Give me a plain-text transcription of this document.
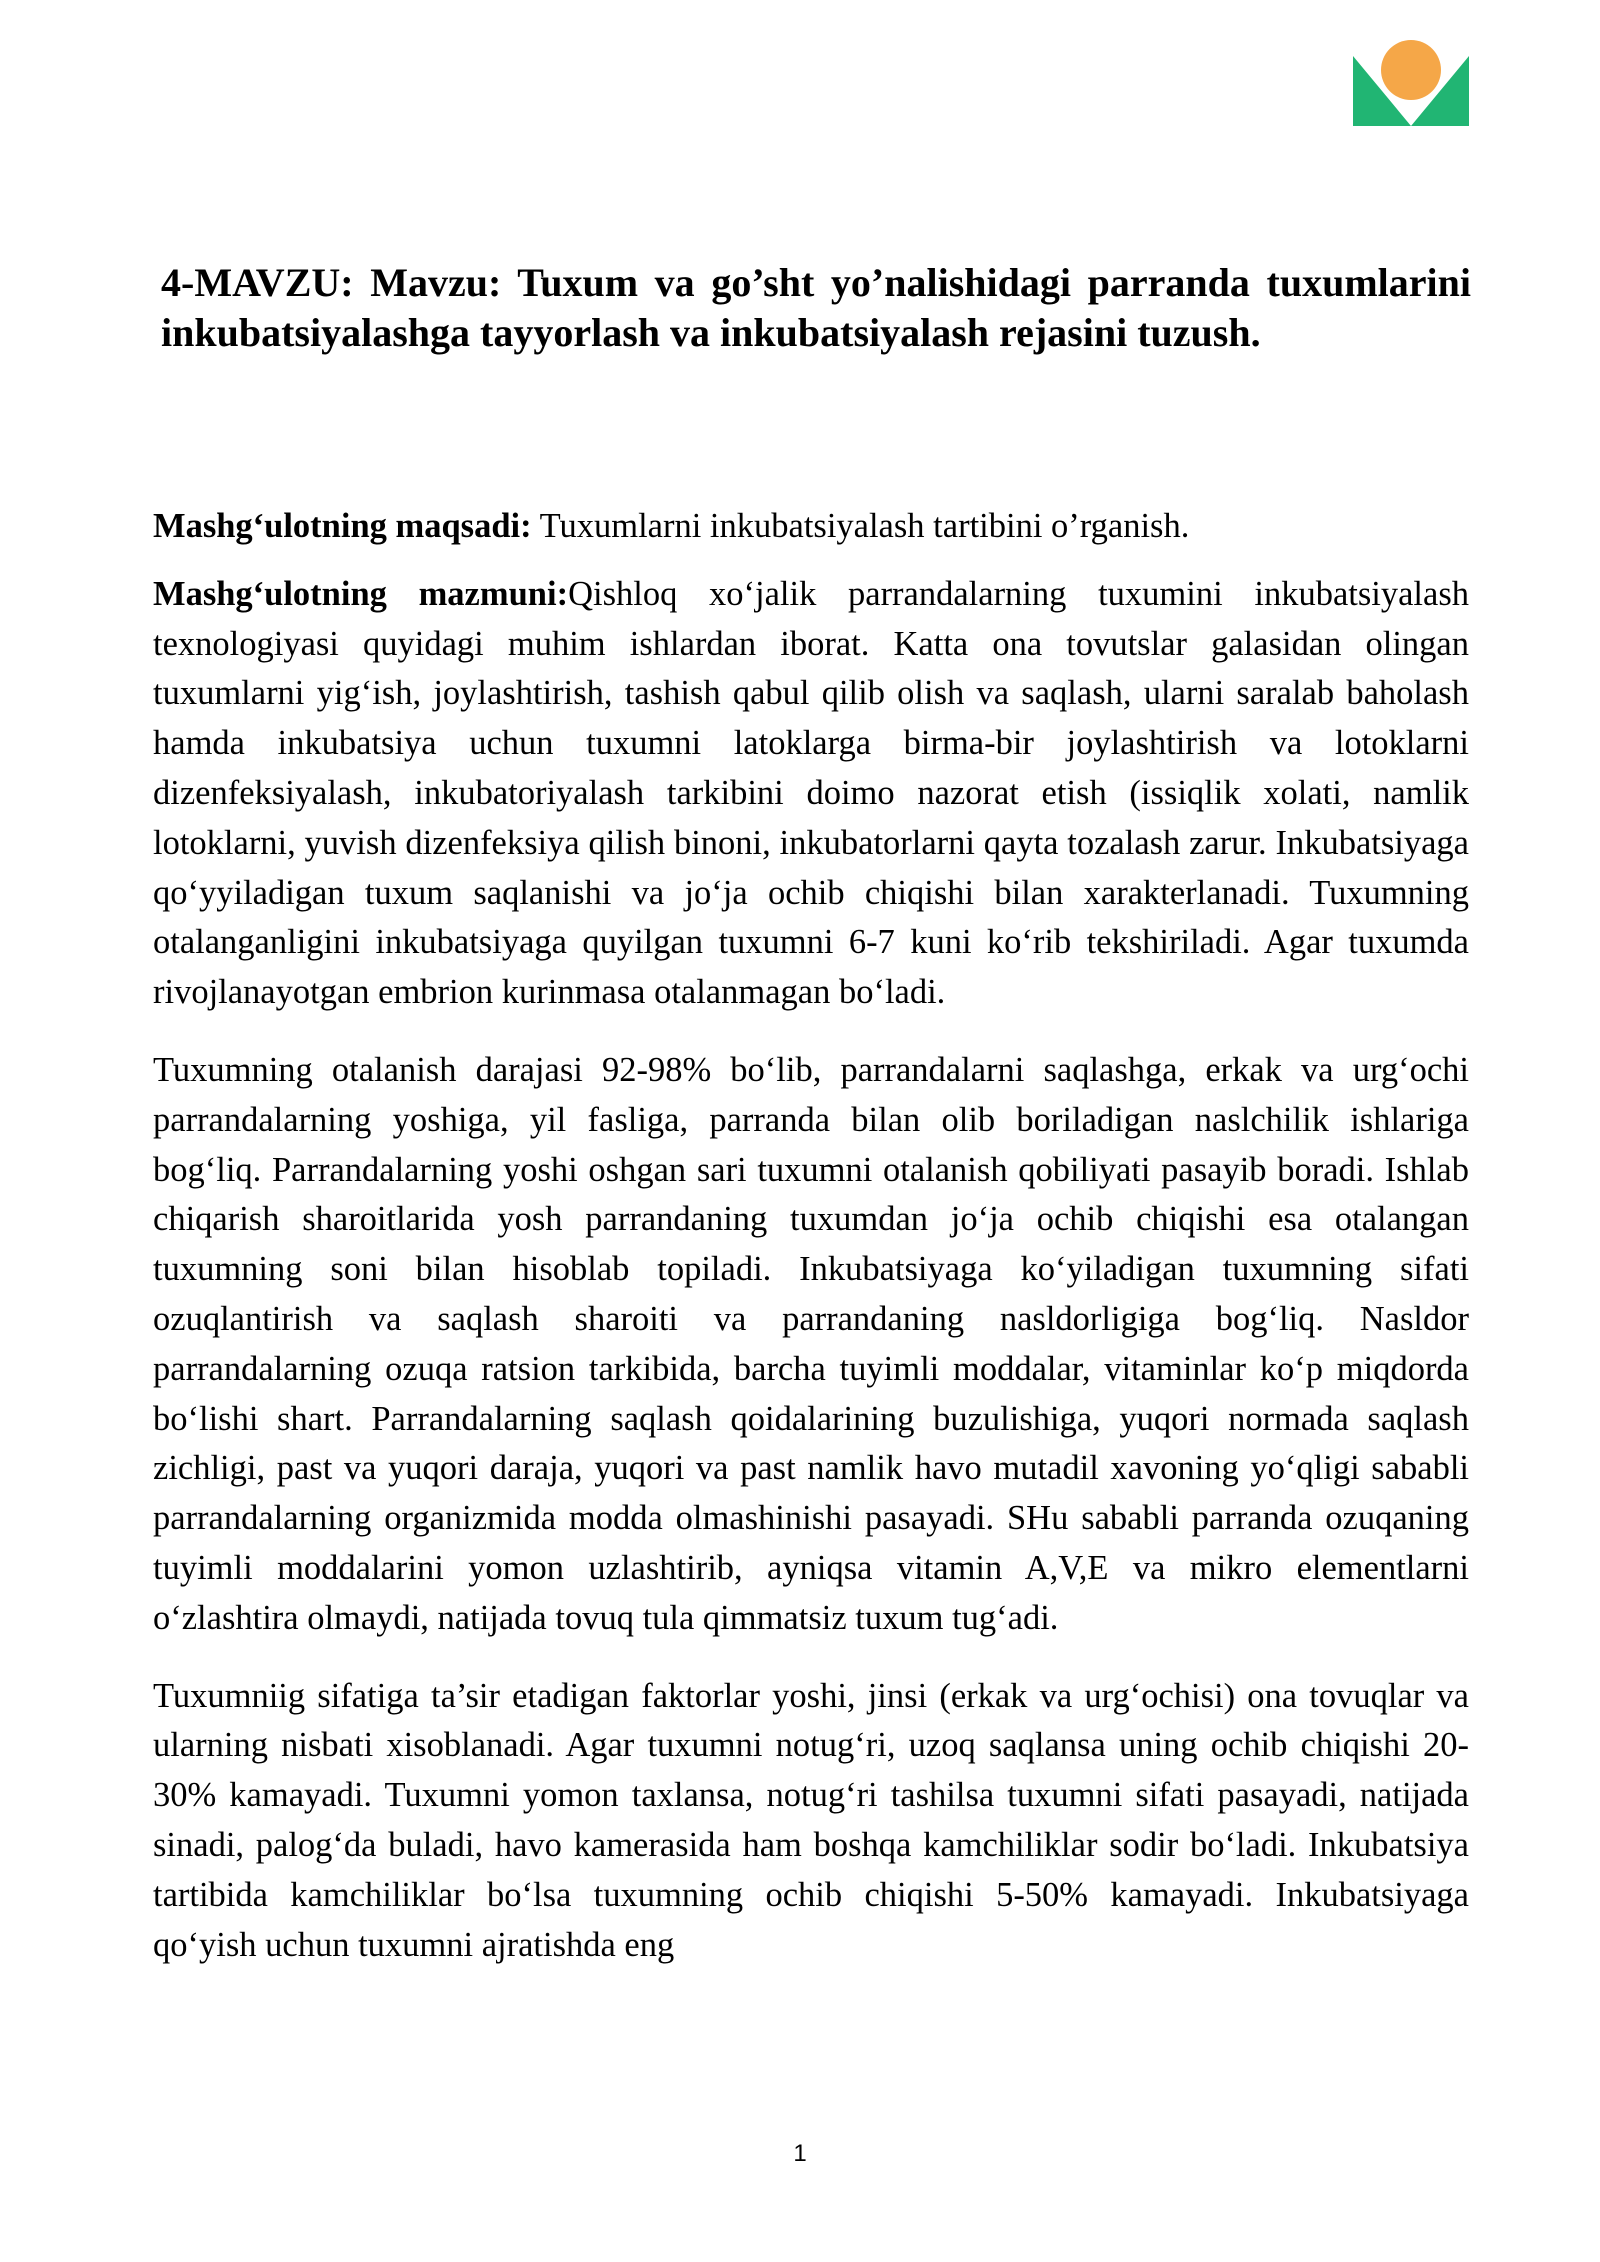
4-MAVZU: Mavzu: Tuxum va go’sht yo’nalishidagi parranda tuxumlarini inkubatsiyalashga tayyorlash va inkubatsiyalash rejasini tuzush.

Mashg‘ulotning maqsadi: Tuxumlarni inkubatsiyalash tartibini o’rganish.

Mashg‘ulotning mazmuni:Qishloq xo‘jalik parrandalarning tuxumini inkubatsiyalash texnologiyasi quyidagi muhim ishlardan iborat. Katta ona tovutslar galasidan olingan tuxumlarni yig‘ish, joylashtirish, tashish qabul qilib olish va saqlash, ularni saralab baholash hamda inkubatsiya uchun tuxumni latoklarga birma-bir joylashtirish va lotoklarni dizenfeksiyalash, inkubatoriyalash tarkibini doimo nazorat etish (issiqlik xolati, namlik lotoklarni, yuvish dizenfeksiya qilish binoni, inkubatorlarni qayta tozalash zarur. Inkubatsiyaga qo‘yyiladigan tuxum saqlanishi va jo‘ja ochib chiqishi bilan xarakterlanadi. Tuxumning otalanganligini inkubatsiyaga quyilgan tuxumni 6-7 kuni ko‘rib tekshiriladi. Agar tuxumda rivojlanayotgan embrion kurinmasa otalanmagan bo‘ladi.

Tuxumning otalanish darajasi 92-98% bo‘lib, parrandalarni saqlashga, erkak va urg‘ochi parrandalarning yoshiga, yil fasliga, parranda bilan olib boriladigan naslchilik ishlariga bog‘liq. Parrandalarning yoshi oshgan sari tuxumni otalanish qobiliyati pasayib boradi. Ishlab chiqarish sharoitlarida yosh parrandaning tuxumdan jo‘ja ochib chiqishi esa otalangan tuxumning soni bilan hisoblab topiladi. Inkubatsiyaga ko‘yiladigan tuxumning sifati ozuqlantirish va saqlash sharoiti va parrandaning nasldorligiga bog‘liq. Nasldor parrandalarning ozuqa ratsion tarkibida, barcha tuyimli moddalar, vitaminlar ko‘p miqdorda bo‘lishi shart. Parrandalarning saqlash qoidalarining buzulishiga, yuqori normada saqlash zichligi, past va yuqori daraja, yuqori va past namlik havo mutadil xavoning yo‘qligi sababli parrandalarning organizmida modda olmashinishi pasayadi. SHu sababli parranda ozuqaning tuyimli moddalarini yomon uzlashtirib, ayniqsa vitamin A,V,E va mikro elementlarni o‘zlashtira olmaydi, natijada tovuq tula qimmatsiz tuxum tug‘adi.

Tuxumniig sifatiga ta’sir etadigan faktorlar yoshi, jinsi (erkak va urg‘ochisi) ona tovuqlar va ularning nisbati xisoblanadi. Agar tuxumni notug‘ri, uzoq saqlansa uning ochib chiqishi 20- 30% kamayadi. Tuxumni yomon taxlansa, notug‘ri tashilsa tuxumni sifati pasayadi, natijada sinadi, palog‘da buladi, havo kamerasida ham boshqa kamchiliklar sodir bo‘ladi. Inkubatsiya tartibida kamchiliklar bo‘lsa tuxumning ochib chiqishi 5-50% kamayadi. Inkubatsiyaga qo‘yish uchun tuxumni ajratishda eng

1
